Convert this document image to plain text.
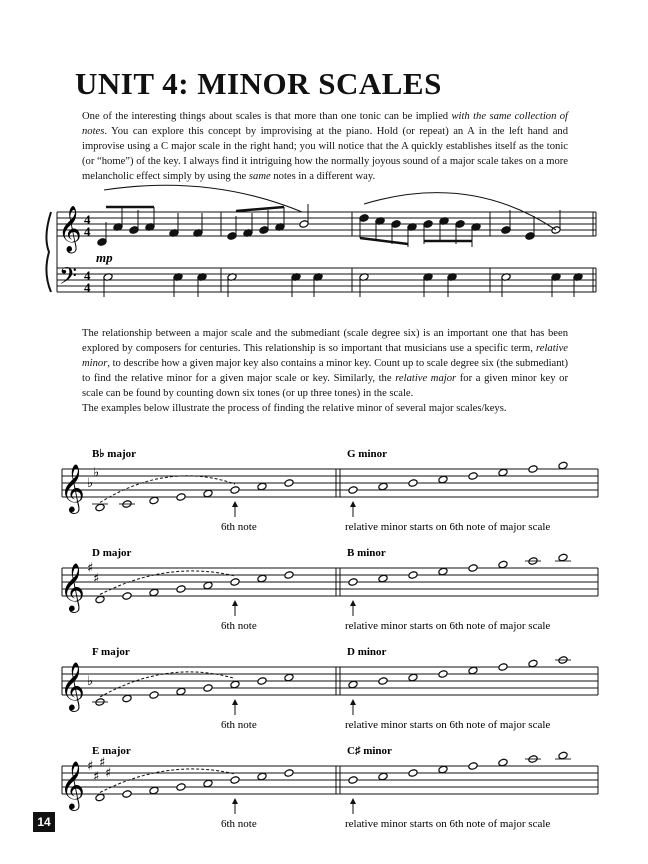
UNIT 4: MINOR SCALES

One of the interesting things about scales is that more than one tonic can be implied with the same collection of notes. You can explore this concept by improvising at the piano. Hold (or repeat) an A in the left hand and improvise using a C major scale in the right hand; you will notice that the A quickly establishes itself as the tonic (or “home”) of the key. I always find it intriguing how the normally joyous sound of a major scale takes on a more melancholic effect simply by using the same notes in a different way.

𝄞
𝄢
4
4
4
4
mp

The relationship between a major scale and the submediant (scale degree six) is an important one that has been explored by composers for centuries. This relationship is so important that musicians use a specific term, relative minor, to describe how a given major key also contains a minor key. Count up to scale degree six (the submediant) to find the relative minor for a given major scale or key. Similarly, the relative major for a given minor key or scale can be found by counting down six tones (or up three tones) in the scale.

The examples below illustrate the process of finding the relative minor of several major scales/keys.

𝄞 ♭
♭
B♭ major	G minor
6th note	relative minor starts on 6th note of major scale
𝄞 ♯
♯
D major	B minor
6th note	relative minor starts on 6th note of major scale
𝄞 ♭
F major	D minor
6th note	relative minor starts on 6th note of major scale
𝄞 ♯
♯
♯
♯
E major	C♯ minor
6th note	relative minor starts on 6th note of major scale
14
